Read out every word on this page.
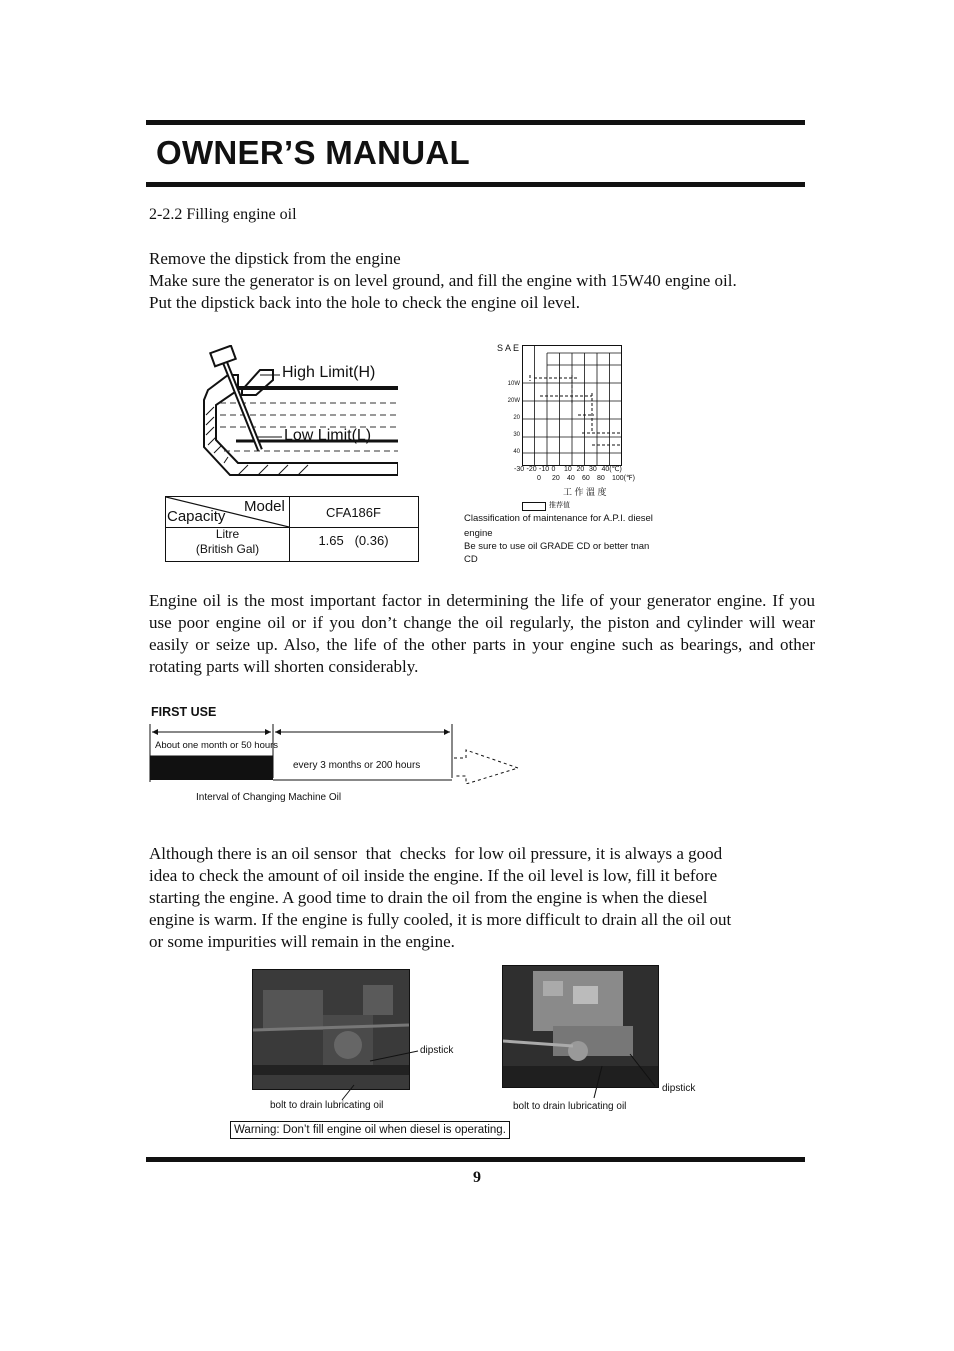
OWNER’S MANUAL
2-2.2 Filling engine oil
Remove the dipstick from the engine
Make sure the generator is on level ground, and fill the engine with 15W40 engine oil.
Put the dipstick back into the hole to check the engine oil level.
High Limit(H)
Low Limit(L)
Model
Capacity	CFA186F
Litre
(British Gal)
1.65   (0.36)
SAE
10W
20W
20
30
40
-30 -20 -10 0 10 20 30 40(℃)
0 20 40 60 80 100(℉)
工 作 溫 度
推荐值
Classification of maintenance for A.P.I. diesel
engine
Be sure to use oil GRADE CD or better tnan
CD
Engine oil is the most important factor in determining the life of your generator engine. If you use poor engine oil or if you don’t change the oil regularly, the piston and cylinder will wear easily or seize up. Also, the life of the other parts in your engine such as bearings, and other rotating parts will shorten considerably.
FIRST USE
About one month or 50 hours
every 3 months or 200 hours
Interval of Changing Machine Oil
Although there is an oil sensor  that  checks  for low oil pressure, it is always a good
idea to check the amount of oil inside the engine. If the oil level is low, fill it before
starting the engine. A good time to drain the oil from the engine is when the diesel
engine is warm. If the engine is fully cooled, it is more difficult to drain all the oil out
or some impurities will remain in the engine.
dipstick
bolt to drain lubricating oil
dipstick
bolt to drain lubricating oil
Warning: Don’t fill engine oil when diesel is operating.
9
